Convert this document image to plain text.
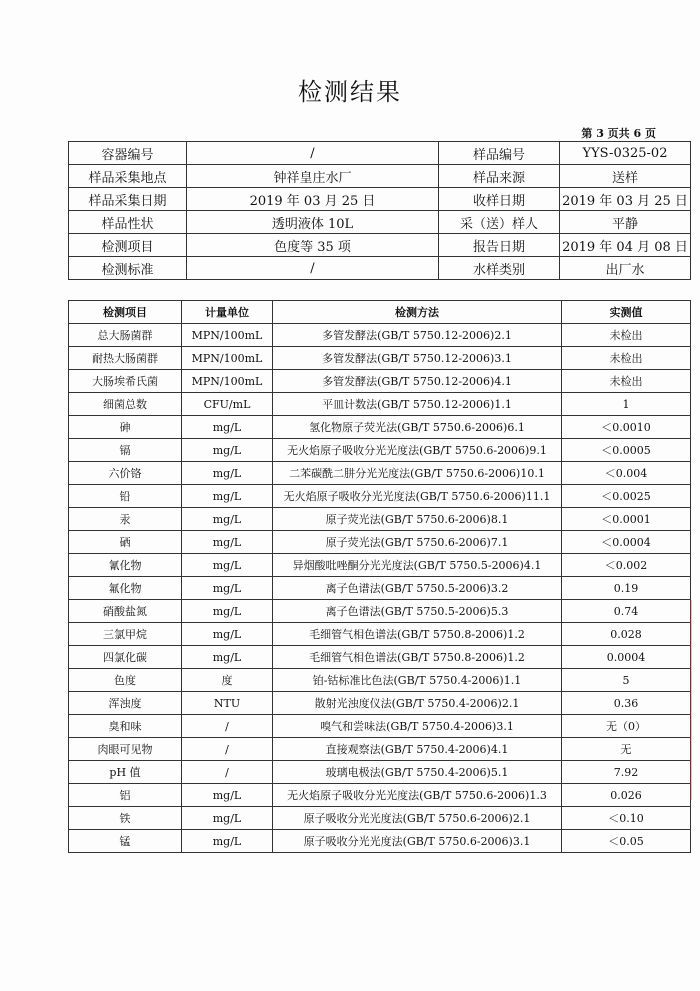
检测结果
第 3 页共 6 页
容器编号	/	样品编号	YYS-0325-02
样品采集地点	钟祥皇庄水厂	样品来源	送样
样品采集日期	2019 年 03 月 25 日	收样日期	2019 年 03 月 25 日
样品性状	透明液体 10L	采（送）样人	平静
检测项目	色度等 35 项	报告日期	2019 年 04 月 08 日
检测标准	/	水样类别	出厂水
检测项目	计量单位	检测方法	实测值
总大肠菌群	MPN/100mL	多管发酵法(GB/T 5750.12-2006)2.1	未检出
耐热大肠菌群	MPN/100mL	多管发酵法(GB/T 5750.12-2006)3.1	未检出
大肠埃希氏菌	MPN/100mL	多管发酵法(GB/T 5750.12-2006)4.1	未检出
细菌总数	CFU/mL	平皿计数法(GB/T 5750.12-2006)1.1	1
砷	mg/L	氢化物原子荧光法(GB/T 5750.6-2006)6.1	＜0.0010
镉	mg/L	无火焰原子吸收分光光度法(GB/T 5750.6-2006)9.1	＜0.0005
六价铬	mg/L	二苯碳酰二肼分光光度法(GB/T 5750.6-2006)10.1	＜0.004
铅	mg/L	无火焰原子吸收分光光度法(GB/T 5750.6-2006)11.1	＜0.0025
汞	mg/L	原子荧光法(GB/T 5750.6-2006)8.1	＜0.0001
硒	mg/L	原子荧光法(GB/T 5750.6-2006)7.1	＜0.0004
氰化物	mg/L	异烟酸吡唑酮分光光度法(GB/T 5750.5-2006)4.1	＜0.002
氟化物	mg/L	离子色谱法(GB/T 5750.5-2006)3.2	0.19
硝酸盐氮	mg/L	离子色谱法(GB/T 5750.5-2006)5.3	0.74
三氯甲烷	mg/L	毛细管气相色谱法(GB/T 5750.8-2006)1.2	0.028
四氯化碳	mg/L	毛细管气相色谱法(GB/T 5750.8-2006)1.2	0.0004
色度	度	铂-钴标准比色法(GB/T 5750.4-2006)1.1	5
浑浊度	NTU	散射光浊度仪法(GB/T 5750.4-2006)2.1	0.36
臭和味	/	嗅气和尝味法(GB/T 5750.4-2006)3.1	无（0）
肉眼可见物	/	直接观察法(GB/T 5750.4-2006)4.1	无
pH 值	/	玻璃电极法(GB/T 5750.4-2006)5.1	7.92
铝	mg/L	无火焰原子吸收分光光度法(GB/T 5750.6-2006)1.3	0.026
铁	mg/L	原子吸收分光光度法(GB/T 5750.6-2006)2.1	＜0.10
锰	mg/L	原子吸收分光光度法(GB/T 5750.6-2006)3.1	＜0.05
